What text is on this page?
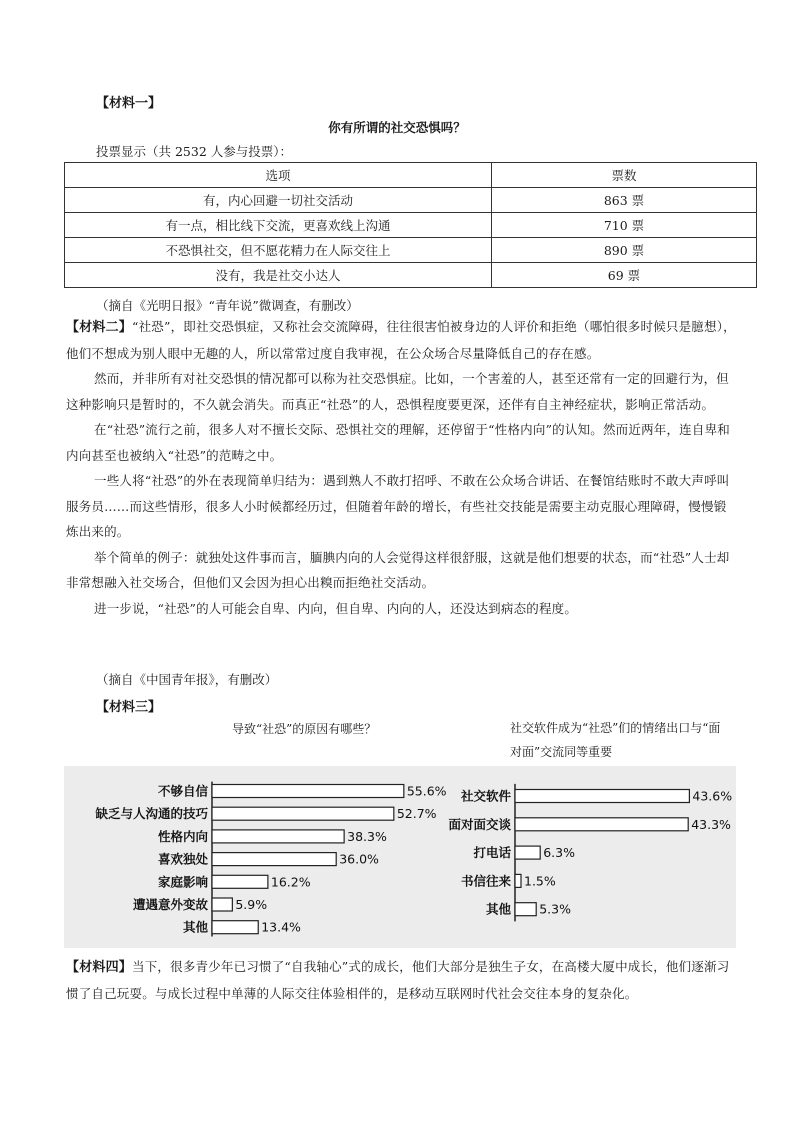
【材料一】
你有所谓的社交恐惧吗？
投票显示（共 2532 人参与投票）：
选项	票数
有，内心回避一切社交活动	863 票
有一点，相比线下交流，更喜欢线上沟通	710 票
不恐惧社交，但不愿花精力在人际交往上	890 票
没有，我是社交小达人	69 票
（摘自《光明日报》“青年说”微调查，有删改）

【材料二】“社恐”，即社交恐惧症，又称社会交流障碍，往往很害怕被身边的人评价和拒绝（哪怕很多时候只是臆想），他们不想成为别人眼中无趣的人，所以常常过度自我审视，在公众场合尽量降低自己的存在感。

然而，并非所有对社交恐惧的情况都可以称为社交恐惧症。比如，一个害羞的人，甚至还常有一定的回避行为，但这种影响只是暂时的，不久就会消失。而真正“社恐”的人，恐惧程度要更深，还伴有自主神经症状，影响正常活动。

在“社恐”流行之前，很多人对不擅长交际、恐惧社交的理解，还停留于“性格内向”的认知。然而近两年，连自卑和内向甚至也被纳入“社恐”的范畴之中。

一些人将“社恐”的外在表现简单归结为：遇到熟人不敢打招呼、不敢在公众场合讲话、在餐馆结账时不敢大声呼叫服务员……而这些情形，很多人小时候都经历过，但随着年龄的增长，有些社交技能是需要主动克服心理障碍，慢慢锻炼出来的。

举个简单的例子：就独处这件事而言，腼腆内向的人会觉得这样很舒服，这就是他们想要的状态，而“社恐”人士却非常想融入社交场合，但他们又会因为担心出糗而拒绝社交活动。

进一步说，“社恐”的人可能会自卑、内向，但自卑、内向的人，还没达到病态的程度。

（摘自《中国青年报》，有删改）
【材料三】
导致“社恐”的原因有哪些？	社交软件成为“社恐”们的情绪出口与“面对面”交流同等重要
不够自信	55.6%
缺乏与人沟通的技巧	52.7%
性格内向	38.3%
喜欢独处	36.0%
家庭影响	16.2%
遭遇意外变故 5.9%
其他	13.4%
社交软件	43.6%
面对面交谈	43.3%
打电话	6.3%
书信往来 1.5%
其他 5.3%

【材料四】当下，很多青少年已习惯了“自我轴心”式的成长，他们大部分是独生子女，在高楼大厦中成长，他们逐渐习惯了自己玩耍。与成长过程中单薄的人际交往体验相伴的，是移动互联网时代社会交往本身的复杂化。
